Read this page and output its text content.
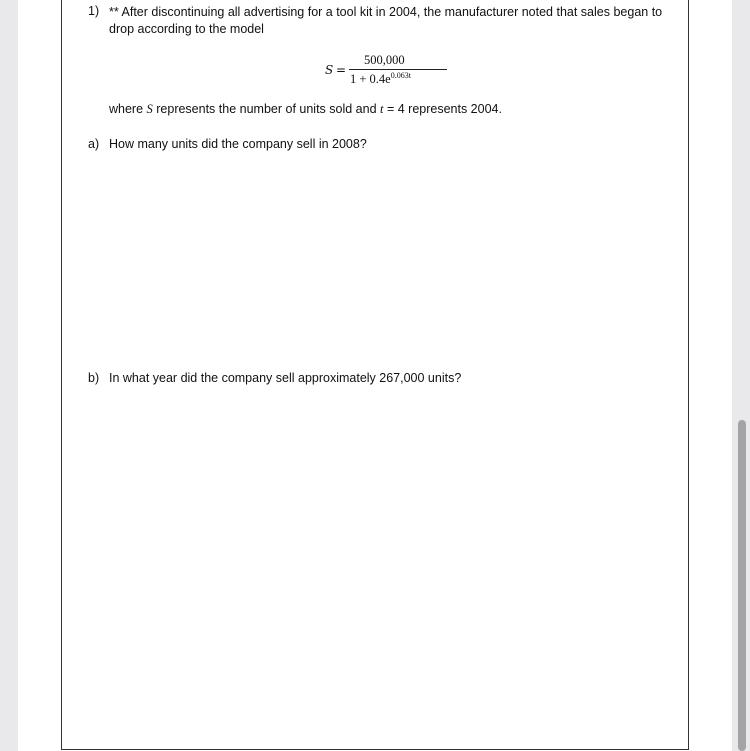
1) ** After discontinuing all advertising for a tool kit in 2004, the manufacturer noted that sales began to drop according to the model
S =
500,000
$1 + 0.4e^{0.063t}$
where S represents the number of units sold and t = 4 represents 2004.
a) How many units did the company sell in 2008?
b) In what year did the company sell approximately 267,000 units?
